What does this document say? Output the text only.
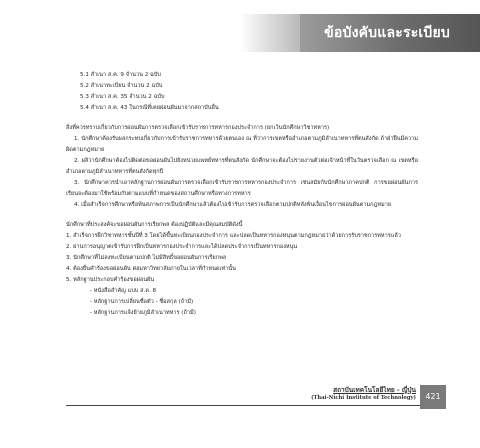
ข้อบังคับและระเบียบ
5.1 สำเนา ส.ค. 9 จำนวน 2 ฉบับ
5.2 สำเนาทะเบียน จำนวน 2 ฉบับ
5.3 สำเนา ส.ค. 35 จำนวน 2 ฉบับ
5.4 สำเนา ส.ค. 43 ในกรณีที่เคยผ่อนผันมาจากสถาบันอื่น
สิ่งที่ควรทราบเกี่ยวกับการผ่อนผันการตรวจเลือกเข้ารับราชการทหารกองประจำการ (ยกเว้นนักศึกษาวิชาทหาร)
1. นักศึกษาต้องรับผลกระทบเกี่ยวกับการเข้ารับราชการทหารด้วยตนเอง ณ ที่ว่าการเขตหรืออำเภอตามภูมิลำเนาทหารที่ตนสังกัด ถ้าฝ่าฝืนมีความผิดตามกฎหมาย
2. ผลิว่านักศึกษาต้องไปติดต่อขอผ่อนผันไปยังหน่วยแพทย์ทหารที่ตนสังกัด นักศึกษาจะต้องไปรายงานตัวต่อเจ้าหน้าที่ในวันตรวจเลือก ณ เขตหรืออำเภอตามภูมิลำเนาทหารที่ตนสังกัดทุกปี
3. นักศึกษาควรนำเอาหลักฐานการผ่อนผันการตรวจเลือกเข้ารับราชการทหารกองประจำการ เช่นสมัยกับนักศึกษาภาคปกติ การขอผ่อนผันการเรียนจะต้องมาใช้พร้อมกับตามแบบที่กำหนดของสถานศึกษาหรือทางการทหาร
4. เมื่อสำเร็จการศึกษาหรือพ้นสภาพการเป็นนักศึกษาแล้วต้องไปเข้ารับการตรวจเลือกตามปกติหลังพ้นเงื่อนไขการผ่อนผันตามกฎหมาย
นักศึกษาที่ประสงค์จะขอผ่อนผันการเรียกพล ต้องปฏิบัติและมีคุณสมบัติดังนี้
1. สำเร็จการฝึกวิชาทหารชั้นปีที่ 3 โดยได้ขึ้นทะเบียนกองประจำการ และปลดเป็นทหารกองหนุนตามกฎหมายว่าด้วยการรับราชการทหารแล้ว
2. ผ่านการอนุญาตเข้ารับการฝึกเป็นทหารกองประจำการและได้ปลดประจำการเป็นทหารกองหนุน
3. นักศึกษาที่ไม่ลงทะเบียนตามปกติ ไม่มีสิทธิ์ขอผ่อนผันการเรียกพล
4. ต้องยื่นคำร้องขอผ่อนผัน ต่อมหาวิทยาลัยภายในเวลาที่กำหนดเท่านั้น
5. หลักฐานประกอบคำร้องขอผ่อนผัน
- หนังสือสำคัญ แบบ ส.ด. 8
- หลักฐานการเปลี่ยนชื่อตัว - ชื่อสกุล (ถ้ามี)
- หลักฐานการแจ้งย้ายภูมิลำเนาทหาร (ถ้ามี)
สถาบันเทคโนโลยีไทย - ญี่ปุ่น
(Thai-Nichi Institute of Technology)	421
